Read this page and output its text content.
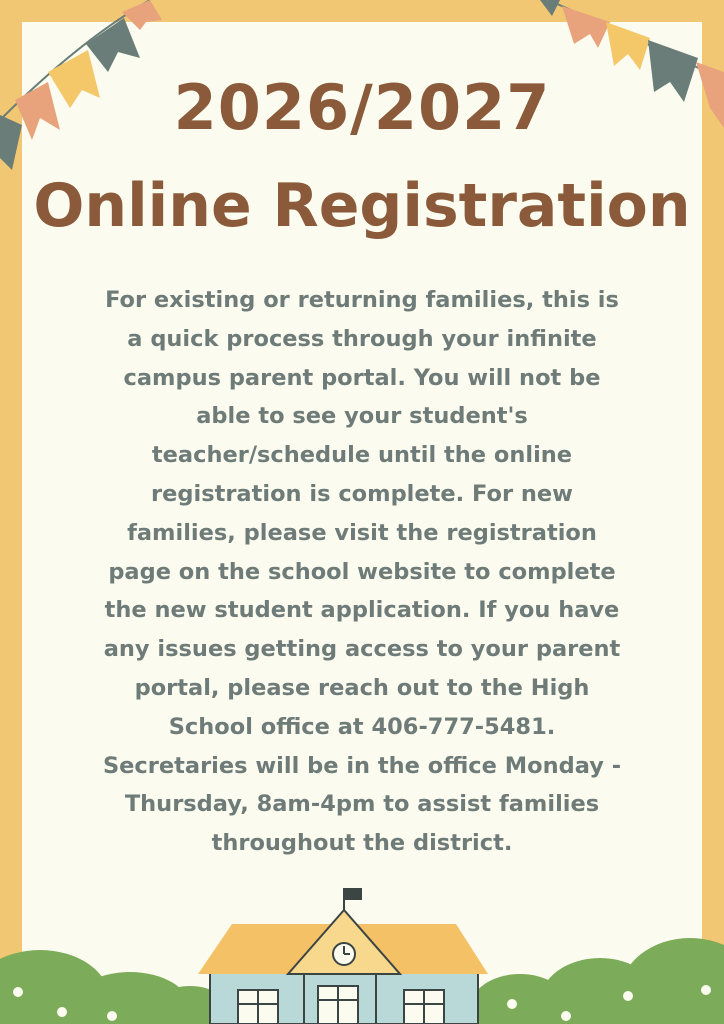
2026/2027
Online Registration
For existing or returning families, this is
a quick process through your infinite
campus parent portal. You will not be
able to see your student's
teacher/schedule until the online
registration is complete. For new
families, please visit the registration
page on the school website to complete
the new student application. If you have
any issues getting access to your parent
portal, please reach out to the High
School office at 406-777-5481.
Secretaries will be in the office Monday -
Thursday, 8am-4pm to assist families
throughout the district.
